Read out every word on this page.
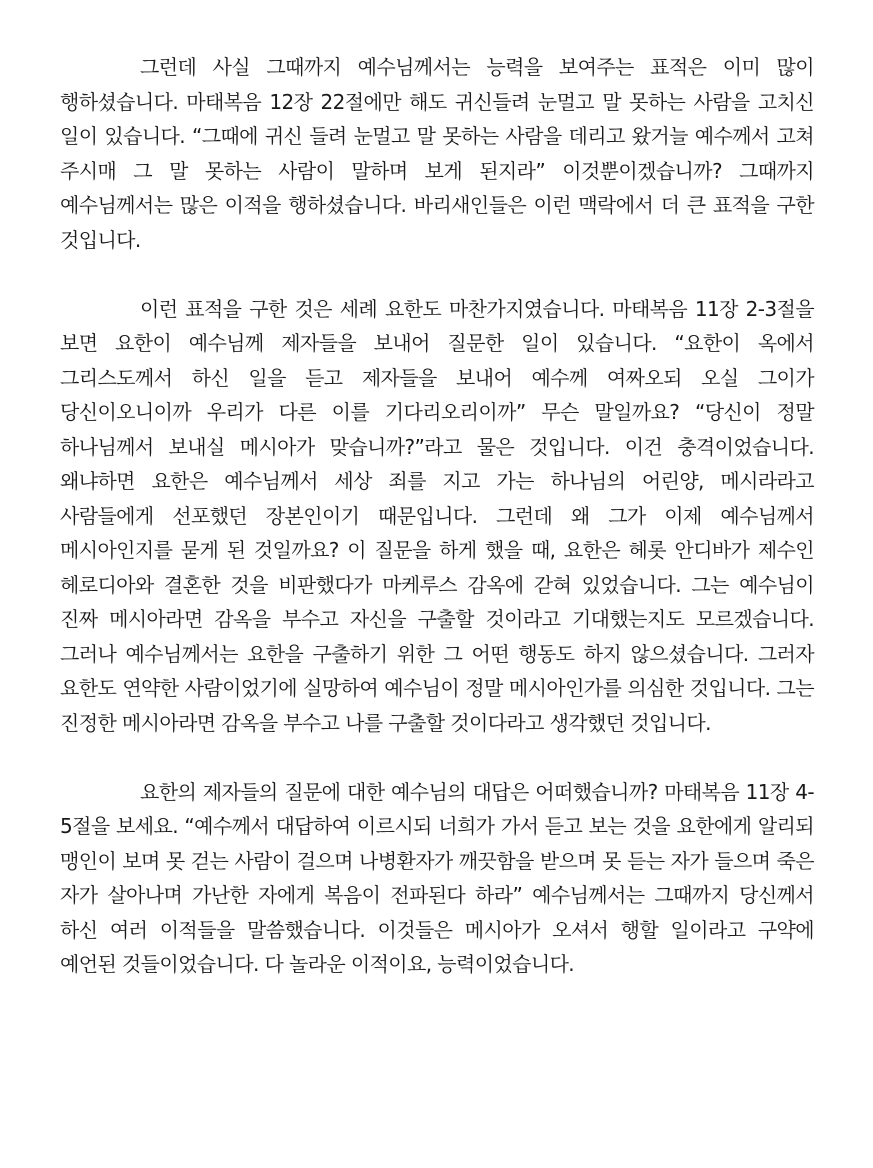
그런데 사실 그때까지 예수님께서는 능력을 보여주는 표적은 이미 많이 행하셨습니다. 마태복음 12장 22절에만 해도 귀신들려 눈멀고 말 못하는 사람을 고치신 일이 있습니다. “그때에 귀신 들려 눈멀고 말 못하는 사람을 데리고 왔거늘 예수께서 고쳐 주시매 그 말 못하는 사람이 말하며 보게 된지라” 이것뿐이겠습니까? 그때까지 예수님께서는 많은 이적을 행하셨습니다. 바리새인들은 이런 맥락에서 더 큰 표적을 구한 것입니다.

이런 표적을 구한 것은 세례 요한도 마찬가지였습니다. 마태복음 11장 2-3절을 보면 요한이 예수님께 제자들을 보내어 질문한 일이 있습니다. “요한이 옥에서 그리스도께서 하신 일을 듣고 제자들을 보내어 예수께 여짜오되 오실 그이가 당신이오니이까 우리가 다른 이를 기다리오리이까” 무슨 말일까요? “당신이 정말 하나님께서 보내실 메시아가 맞습니까?”라고 물은 것입니다. 이건 충격이었습니다. 왜냐하면 요한은 예수님께서 세상 죄를 지고 가는 하나님의 어린양, 메시라라고 사람들에게 선포했던 장본인이기 때문입니다. 그런데 왜 그가 이제 예수님께서 메시아인지를 묻게 된 것일까요? 이 질문을 하게 했을 때, 요한은 헤롯 안디바가 제수인 헤로디아와 결혼한 것을 비판했다가 마케루스 감옥에 갇혀 있었습니다. 그는 예수님이 진짜 메시아라면 감옥을 부수고 자신을 구출할 것이라고 기대했는지도 모르겠습니다. 그러나 예수님께서는 요한을 구출하기 위한 그 어떤 행동도 하지 않으셨습니다. 그러자 요한도 연약한 사람이었기에 실망하여 예수님이 정말 메시아인가를 의심한 것입니다. 그는 진정한 메시아라면 감옥을 부수고 나를 구출할 것이다라고 생각했던 것입니다.

요한의 제자들의 질문에 대한 예수님의 대답은 어떠했습니까? 마태복음 11장 4-5절을 보세요. “예수께서 대답하여 이르시되 너희가 가서 듣고 보는 것을 요한에게 알리되 맹인이 보며 못 걷는 사람이 걸으며 나병환자가 깨끗함을 받으며 못 듣는 자가 들으며 죽은 자가 살아나며 가난한 자에게 복음이 전파된다 하라” 예수님께서는 그때까지 당신께서 하신 여러 이적들을 말씀했습니다. 이것들은 메시아가 오셔서 행할 일이라고 구약에 예언된 것들이었습니다. 다 놀라운 이적이요, 능력이었습니다.
